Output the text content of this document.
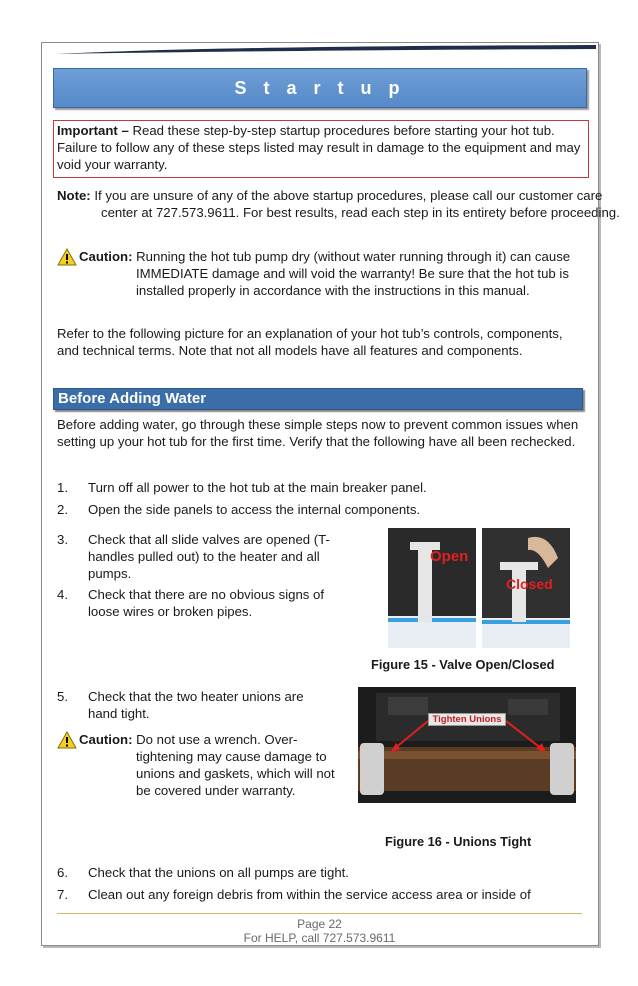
S t a r t u p
Important – Read these step-by-step startup procedures before starting your hot tub. Failure to follow any of these steps listed may result in damage to the equipment and may void your warranty.
Note: If you are unsure of any of the above startup procedures, please call our customer care center at 727.573.9611. For best results, read each step in its entirety before proceeding.
Caution: Running the hot tub pump dry (without water running through it) can cause IMMEDIATE damage and will void the warranty! Be sure that the hot tub is installed properly in accordance with the instructions in this manual.
Refer to the following picture for an explanation of your hot tub’s controls, components, and technical terms. Note that not all models have all features and components.
Before Adding Water
Before adding water, go through these simple steps now to prevent common issues when setting up your hot tub for the first time. Verify that the following have all been rechecked.
1. Turn off all power to the hot tub at the main breaker panel.
2. Open the side panels to access the internal components.
3. Check that all slide valves are opened (T-handles pulled out) to the heater and all pumps.
4. Check that there are no obvious signs of loose wires or broken pipes.
Open
Closed
Figure 15 - Valve Open/Closed
5. Check that the two heater unions are hand tight.
Caution: Do not use a wrench. Over-tightening may cause damage to unions and gaskets, which will not be covered under warranty.
Tighten Unions
Figure 16 - Unions Tight
6. Check that the unions on all pumps are tight.
7. Clean out any foreign debris from within the service access area or inside of
Page 22
For HELP, call 727.573.9611
